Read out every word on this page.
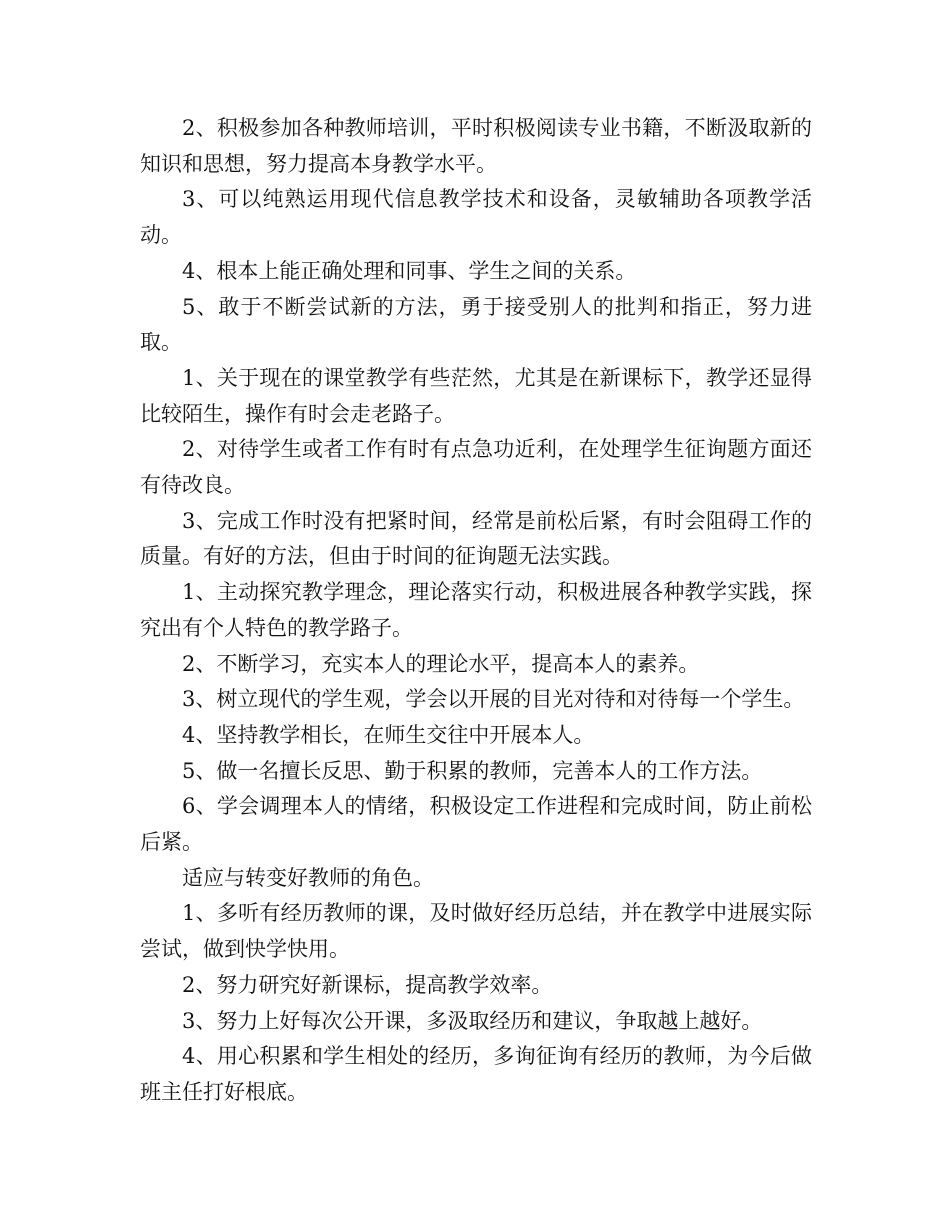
2、积极参加各种教师培训，平时积极阅读专业书籍，不断汲取新的知识和思想，努力提高本身教学水平。

3、可以纯熟运用现代信息教学技术和设备，灵敏辅助各项教学活动。

4、根本上能正确处理和同事、学生之间的关系。

5、敢于不断尝试新的方法，勇于接受别人的批判和指正，努力进取。

1、关于现在的课堂教学有些茫然，尤其是在新课标下，教学还显得比较陌生，操作有时会走老路子。

2、对待学生或者工作有时有点急功近利，在处理学生征询题方面还有待改良。

3、完成工作时没有把紧时间，经常是前松后紧，有时会阻碍工作的质量。有好的方法，但由于时间的征询题无法实践。

1、主动探究教学理念，理论落实行动，积极进展各种教学实践，探究出有个人特色的教学路子。

2、不断学习，充实本人的理论水平，提高本人的素养。

3、树立现代的学生观，学会以开展的目光对待和对待每一个学生。

4、坚持教学相长，在师生交往中开展本人。

5、做一名擅长反思、勤于积累的教师，完善本人的工作方法。

6、学会调理本人的情绪，积极设定工作进程和完成时间，防止前松后紧。

适应与转变好教师的角色。

1、多听有经历教师的课，及时做好经历总结，并在教学中进展实际尝试，做到快学快用。

2、努力研究好新课标，提高教学效率。

3、努力上好每次公开课，多汲取经历和建议，争取越上越好。

4、用心积累和学生相处的经历，多询征询有经历的教师，为今后做班主任打好根底。
